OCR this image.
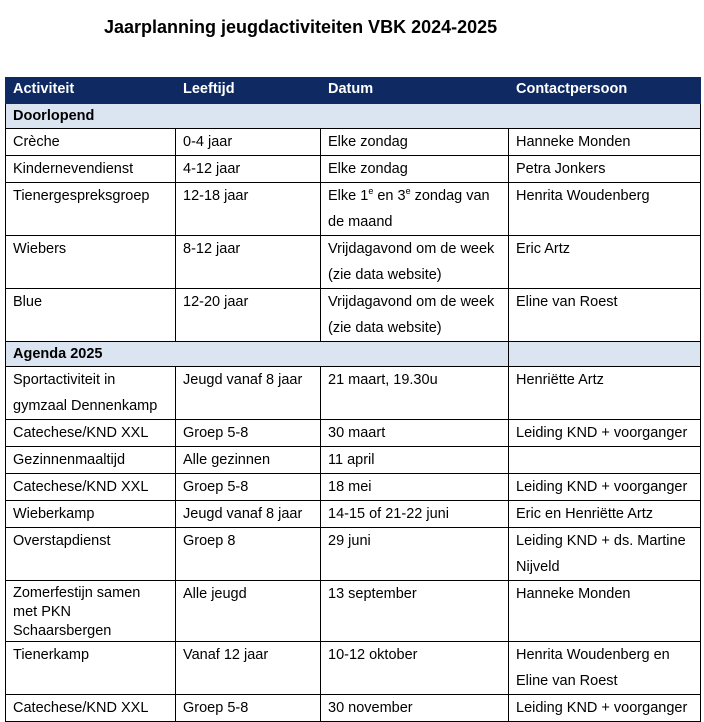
Jaarplanning jeugdactiviteiten VBK 2024-2025
Activiteit	Leeftijd	Datum	Contactpersoon
Doorlopend			
Crèche	0-4 jaar	Elke zondag	Hanneke Monden
Kindernevendienst	4-12 jaar	Elke zondag	Petra Jonkers
Tienergespreksgroep	12-18 jaar	Elke 1e en 3e zondag van de maand	Henrita Woudenberg
Wiebers	8-12 jaar	Vrijdagavond om de week (zie data website)	Eric Artz
Blue	12-20 jaar	Vrijdagavond om de week (zie data website)	Eline van Roest
Agenda 2025			
Sportactiviteit in gymzaal Dennenkamp	Jeugd vanaf 8 jaar	21 maart, 19.30u	Henriëtte Artz
Catechese/KND XXL	Groep 5-8	30 maart	Leiding KND + voorganger
Gezinnenmaaltijd	Alle gezinnen	11 april	
Catechese/KND XXL	Groep 5-8	18 mei	Leiding KND + voorganger
Wieberkamp	Jeugd vanaf 8 jaar	14-15 of 21-22 juni	Eric en Henriëtte Artz
Overstapdienst	Groep 8	29 juni	Leiding KND + ds. Martine Nijveld
Zomerfestijn samen met PKN Schaarsbergen	Alle jeugd	13 september	Hanneke Monden
Tienerkamp	Vanaf 12 jaar	10-12 oktober	Henrita Woudenberg en Eline van Roest
Catechese/KND XXL	Groep 5-8	30 november	Leiding KND + voorganger
